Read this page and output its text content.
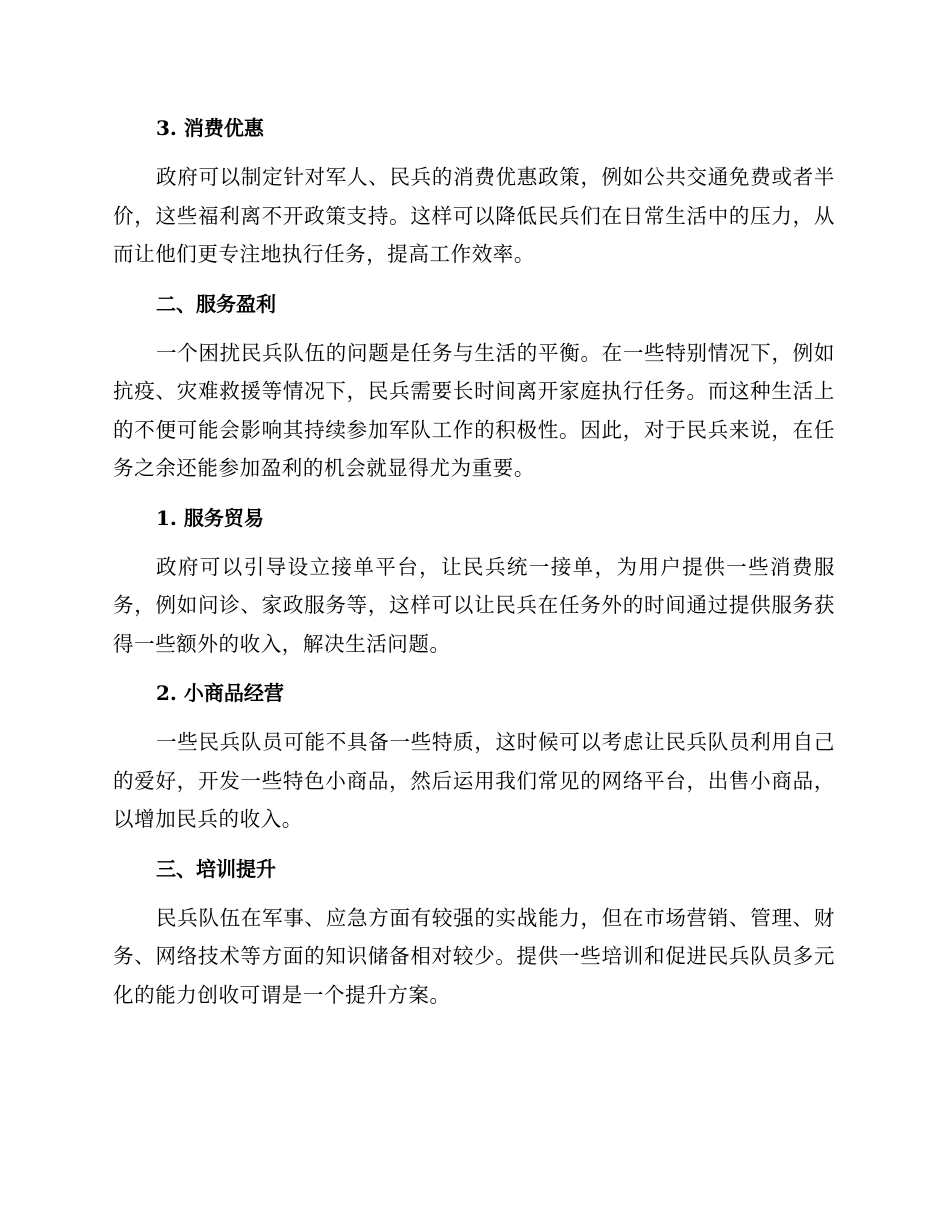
3. 消费优惠
政府可以制定针对军人、民兵的消费优惠政策，例如公共交通免费或者半价，这些福利离不开政策支持。这样可以降低民兵们在日常生活中的压力，从而让他们更专注地执行任务，提高工作效率。
二、服务盈利
一个困扰民兵队伍的问题是任务与生活的平衡。在一些特别情况下，例如抗疫、灾难救援等情况下，民兵需要长时间离开家庭执行任务。而这种生活上的不便可能会影响其持续参加军队工作的积极性。因此，对于民兵来说，在任务之余还能参加盈利的机会就显得尤为重要。
1. 服务贸易
政府可以引导设立接单平台，让民兵统一接单，为用户提供一些消费服务，例如问诊、家政服务等，这样可以让民兵在任务外的时间通过提供服务获得一些额外的收入，解决生活问题。
2. 小商品经营
一些民兵队员可能不具备一些特质，这时候可以考虑让民兵队员利用自己的爱好，开发一些特色小商品，然后运用我们常见的网络平台，出售小商品，以增加民兵的收入。
三、培训提升
民兵队伍在军事、应急方面有较强的实战能力，但在市场营销、管理、财务、网络技术等方面的知识储备相对较少。提供一些培训和促进民兵队员多元化的能力创收可谓是一个提升方案。
